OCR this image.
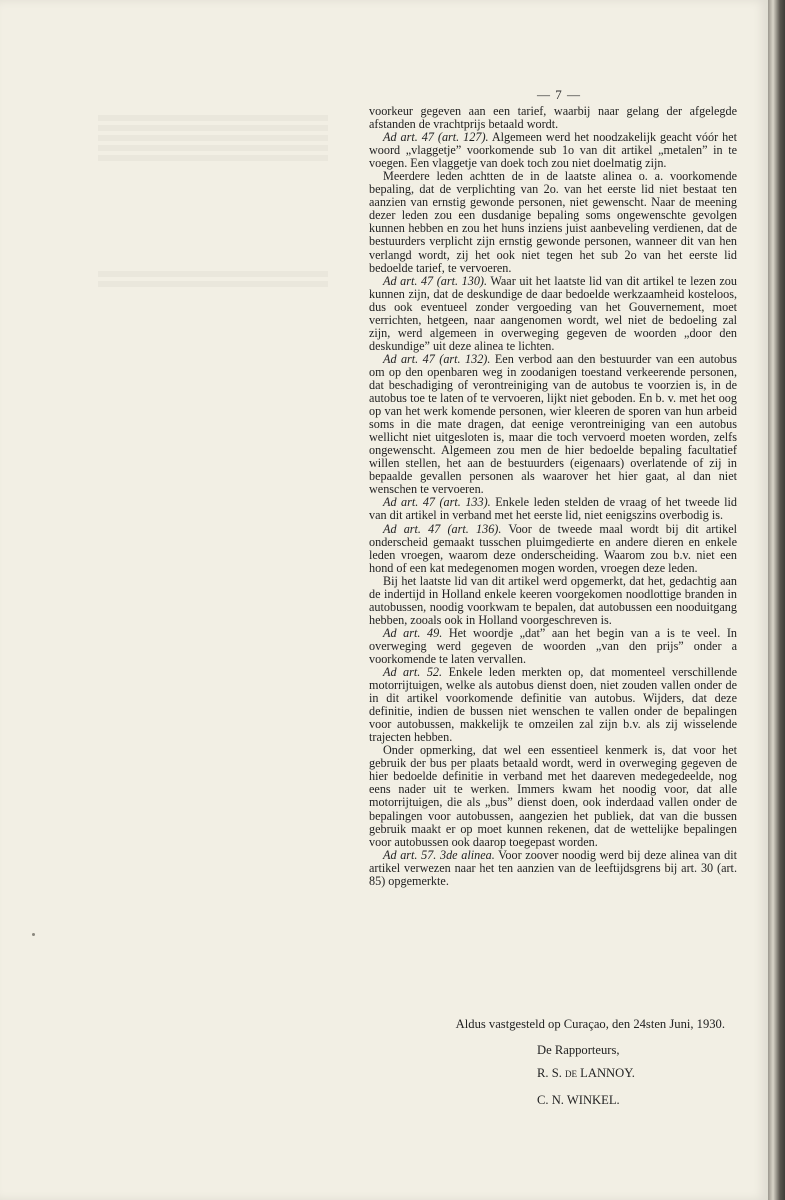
— 7 —

voorkeur gegeven aan een tarief, waarbij naar gelang der afgelegde afstanden de vrachtprijs betaald wordt.

Ad art. 47 (art. 127). Algemeen werd het noodzakelijk geacht vóór het woord „vlaggetje” voorkomende sub 1o van dit artikel „metalen” in te voegen. Een vlaggetje van doek toch zou niet doelmatig zijn.

Meerdere leden achtten de in de laatste alinea o. a. voorkomende bepaling, dat de verplichting van 2o. van het eerste lid niet bestaat ten aanzien van ernstig gewonde personen, niet gewenscht. Naar de meening dezer leden zou een dusdanige bepaling soms ongewenschte gevolgen kunnen hebben en zou het huns inziens juist aanbeveling verdienen, dat de bestuurders verplicht zijn ernstig gewonde personen, wanneer dit van hen verlangd wordt, zij het ook niet tegen het sub 2o van het eerste lid bedoelde tarief, te vervoeren.

Ad art. 47 (art. 130). Waar uit het laatste lid van dit artikel te lezen zou kunnen zijn, dat de deskundige de daar bedoelde werkzaamheid kosteloos, dus ook eventueel zonder vergoeding van het Gouvernement, moet verrichten, hetgeen, naar aangenomen wordt, wel niet de bedoeling zal zijn, werd algemeen in overweging gegeven de woorden „door den deskundige” uit deze alinea te lichten.

Ad art. 47 (art. 132). Een verbod aan den bestuurder van een autobus om op den openbaren weg in zoodanigen toestand verkeerende personen, dat beschadiging of verontreiniging van de autobus te voorzien is, in de autobus toe te laten of te vervoeren, lijkt niet geboden. En b. v. met het oog op van het werk komende personen, wier kleeren de sporen van hun arbeid soms in die mate dragen, dat eenige verontreiniging van een autobus wellicht niet uitgesloten is, maar die toch vervoerd moeten worden, zelfs ongewenscht. Algemeen zou men de hier bedoelde bepaling facultatief willen stellen, het aan de bestuurders (eigenaars) overlatende of zij in bepaalde gevallen personen als waarover het hier gaat, al dan niet wenschen te vervoeren.

Ad art. 47 (art. 133). Enkele leden stelden de vraag of het tweede lid van dit artikel in verband met het eerste lid, niet eenigszins overbodig is.

Ad art. 47 (art. 136). Voor de tweede maal wordt bij dit artikel onderscheid gemaakt tusschen pluimgedierte en andere dieren en enkele leden vroegen, waarom deze onderscheiding. Waarom zou b.v. niet een hond of een kat medegenomen mogen worden, vroegen deze leden.

Bij het laatste lid van dit artikel werd opgemerkt, dat het, gedachtig aan de indertijd in Holland enkele keeren voorgekomen noodlottige branden in autobussen, noodig voorkwam te bepalen, dat autobussen een nooduitgang hebben, zooals ook in Holland voorgeschreven is.

Ad art. 49. Het woordje „dat” aan het begin van a is te veel. In overweging werd gegeven de woorden „van den prijs” onder a voorkomende te laten vervallen.

Ad art. 52. Enkele leden merkten op, dat momenteel verschillende motorrijtuigen, welke als autobus dienst doen, niet zouden vallen onder de in dit artikel voorkomende definitie van autobus. Wijders, dat deze definitie, indien de bussen niet wenschen te vallen onder de bepalingen voor autobussen, makkelijk te omzeilen zal zijn b.v. als zij wisselende trajecten hebben.

Onder opmerking, dat wel een essentieel kenmerk is, dat voor het gebruik der bus per plaats betaald wordt, werd in overweging gegeven de hier bedoelde definitie in verband met het daareven medegedeelde, nog eens nader uit te werken. Immers kwam het noodig voor, dat alle motorrijtuigen, die als „bus” dienst doen, ook inderdaad vallen onder de bepalingen voor autobussen, aangezien het publiek, dat van die bussen gebruik maakt er op moet kunnen rekenen, dat de wettelijke bepalingen voor autobussen ook daarop toegepast worden.

Ad art. 57. 3de alinea. Voor zoover noodig werd bij deze alinea van dit artikel verwezen naar het ten aanzien van de leeftijdsgrens bij art. 30 (art. 85) opgemerkte.

Aldus vastgesteld op Curaçao, den 24sten Juni, 1930.
De Rapporteurs,
R. S. de LANNOY.
C. N. WINKEL.
